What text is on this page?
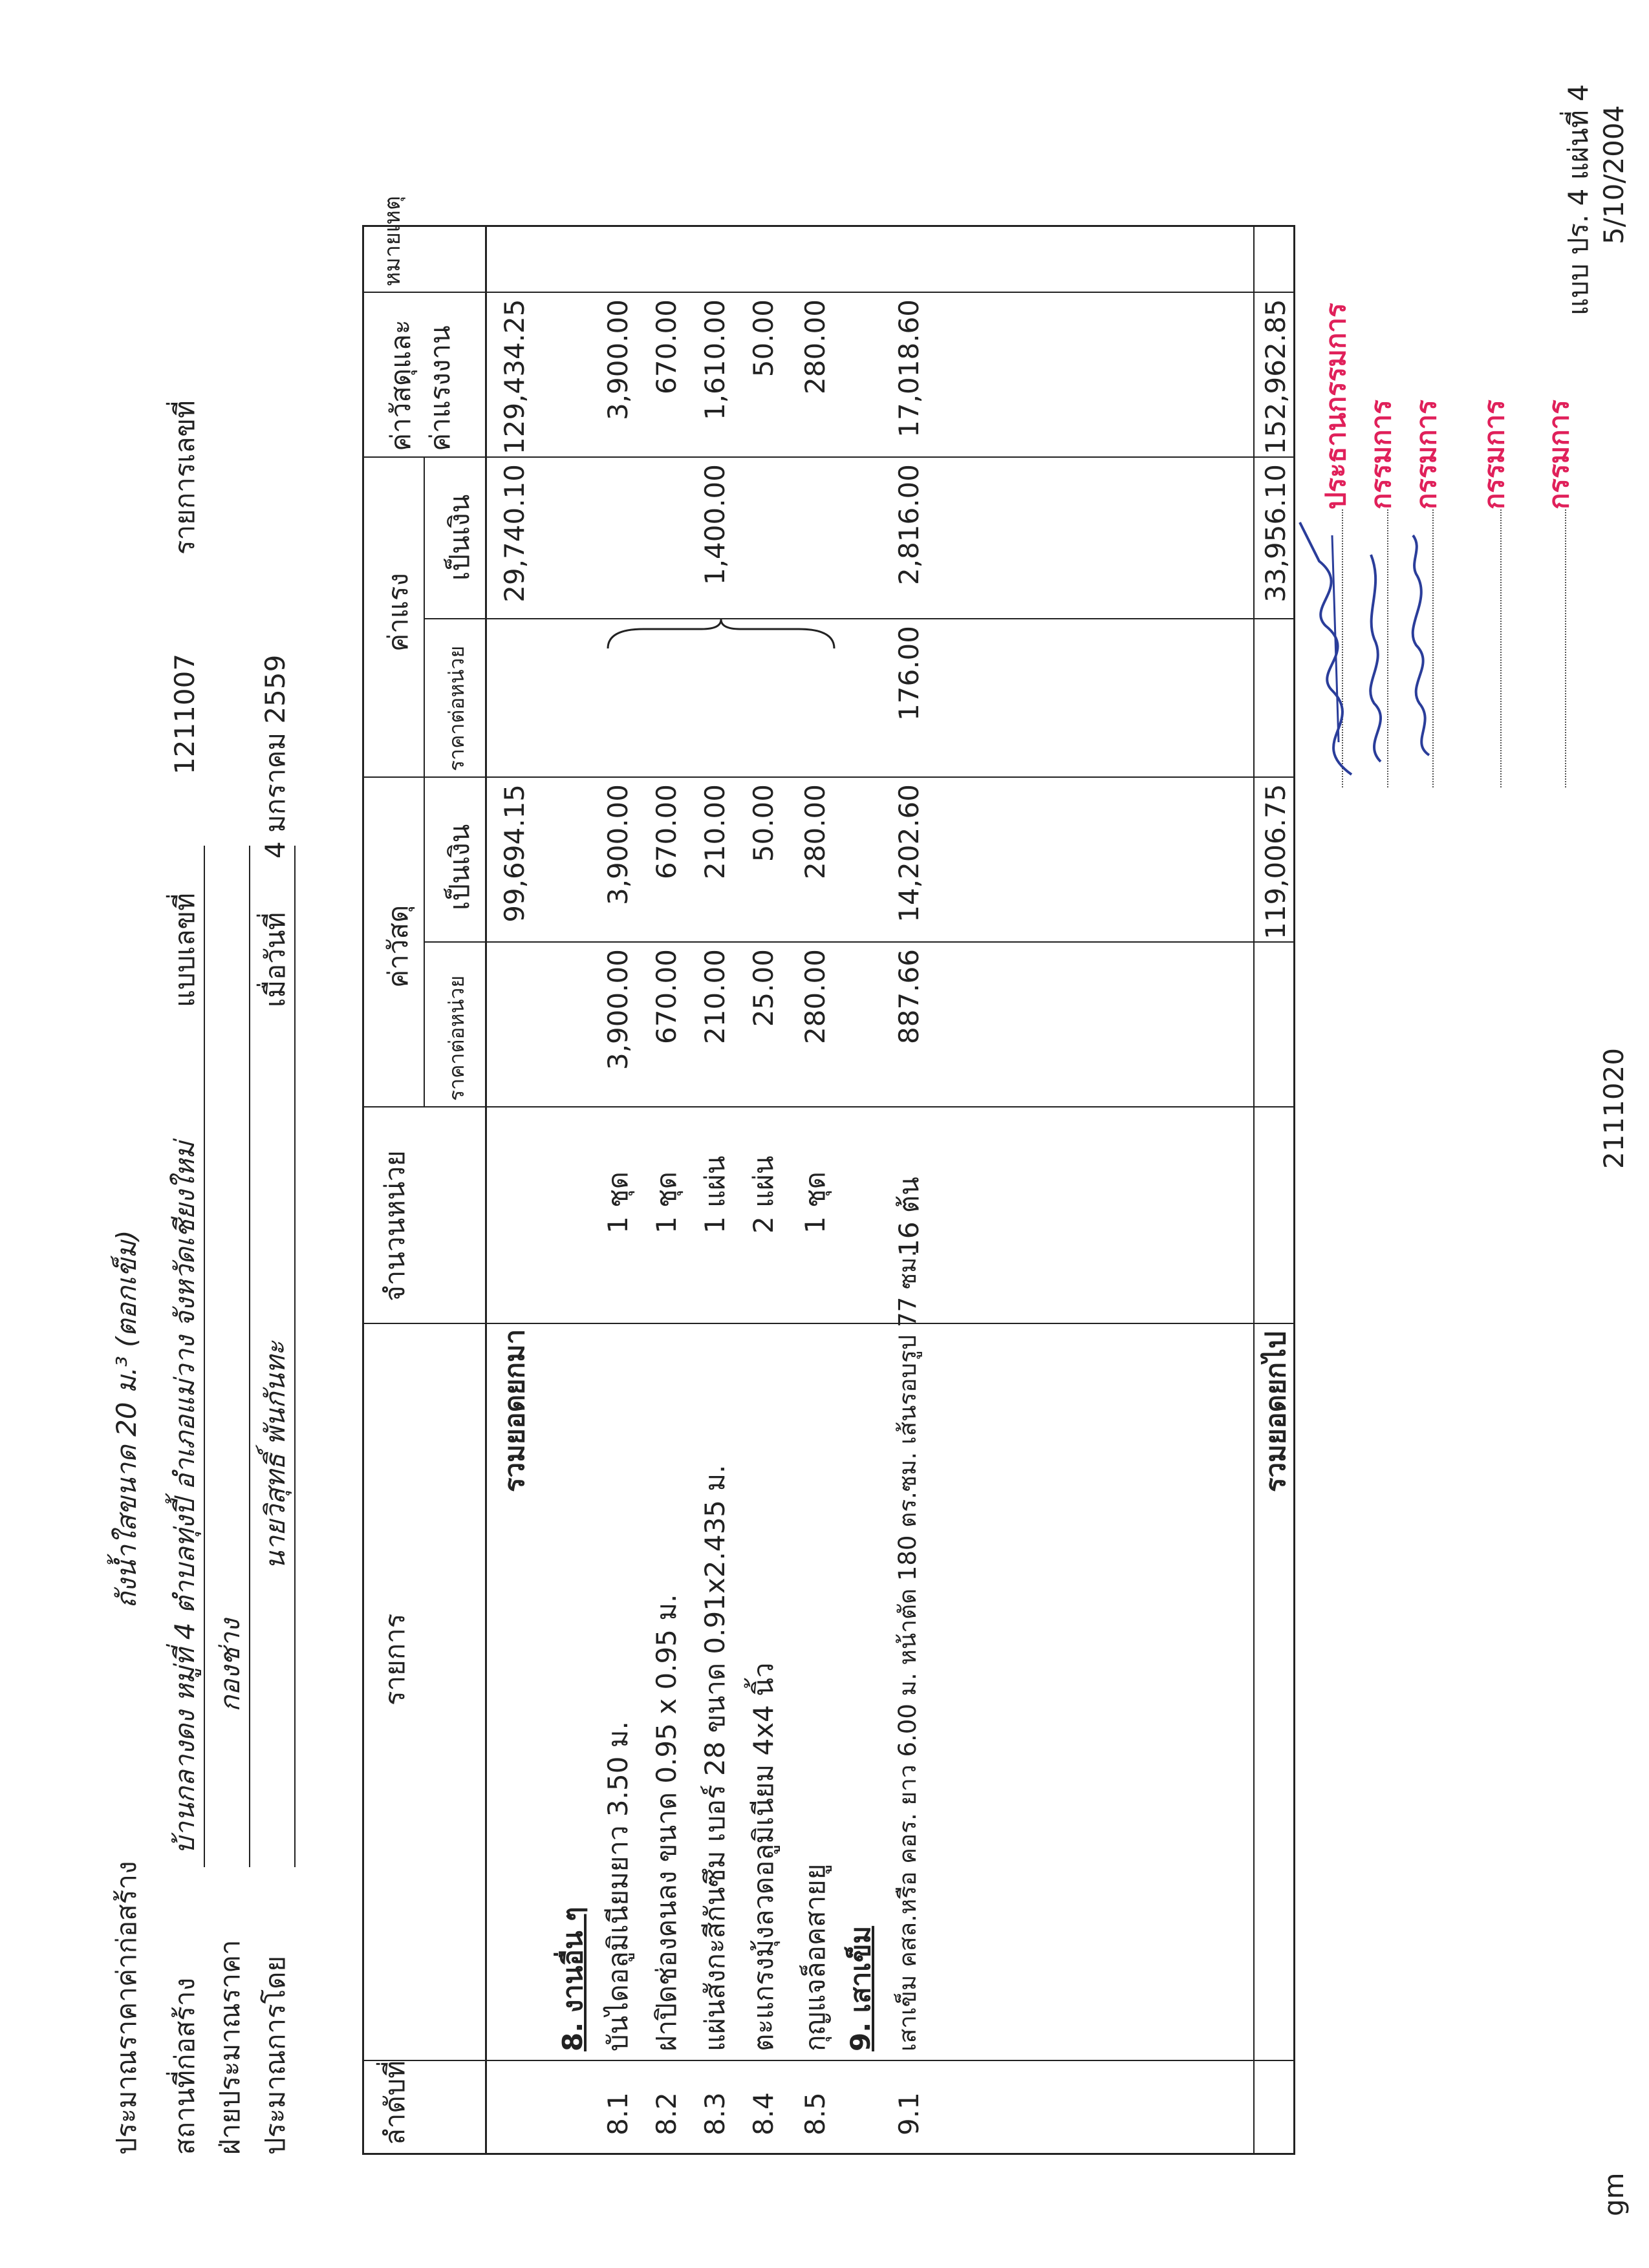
แบบ ปร. 4 แผ่นที่ 4
ประมาณราคาค่าก่อสร้าง
ถังน้ำใสขนาด 20 ม.³ (ตอกเข็ม)
สถานที่ก่อสร้าง
บ้านกลางดง หมู่ที่ 4 ตำบลทุ่งปี้ อำเภอแม่วาง จังหวัดเชียงใหม่
แบบเลขที่
1211007
รายการเลขที่
ฝ่ายประมาณราคา
กองช่าง
ประมาณการโดย
นายวิสุทธิ์ พันกันทะ
เมื่อวันที่
4 มกราคม 2559
ลำดับที่
รายการ
จำนวนหน่วย
ค่าวัสดุ
ราคาต่อหน่วย
เป็นเงิน
ค่าแรง
ราคาต่อหน่วย
เป็นเงิน
ค่าวัสดุและค่าแรงงาน
หมายเหตุ
รวมยอดยกมา
99,694.15
29,740.10
129,434.25
8. งานอื่น ๆ
8.1
บันไดอลูมิเนียมยาว 3.50 ม.
1 ชุด
3,900.00
3,900.00
3,900.00
8.2
ฝาปิดช่องคนลง ขนาด 0.95 x 0.95 ม.
1 ชุด
670.00
670.00
670.00
8.3
แผ่นสังกะสีกันซึม เบอร์ 28 ขนาด 0.91x2.435 ม.
1 แผ่น
210.00
210.00
1,400.00
1,610.00
8.4
ตะแกรงมุ้งลวดอลูมิเนียม 4x4 นิ้ว
2 แผ่น
25.00
50.00
50.00
8.5
กุญแจล็อคสายยู
1 ชุด
280.00
280.00
280.00
9. เสาเข็ม
9.1
เสาเข็ม คสล.หรือ คอร. ยาว 6.00 ม. หน้าตัด 180 ตร.ซม. เส้นรอบรูป 77 ซม.
16 ต้น
887.66
14,202.60
176.00
2,816.00
17,018.60
รวมยอดยกไป
119,006.75
33,956.10
152,962.85 ประธานกรรมการ กรรมการ กรรมการ กรรมการ กรรมการ
gm
2111020
5/10/2004
